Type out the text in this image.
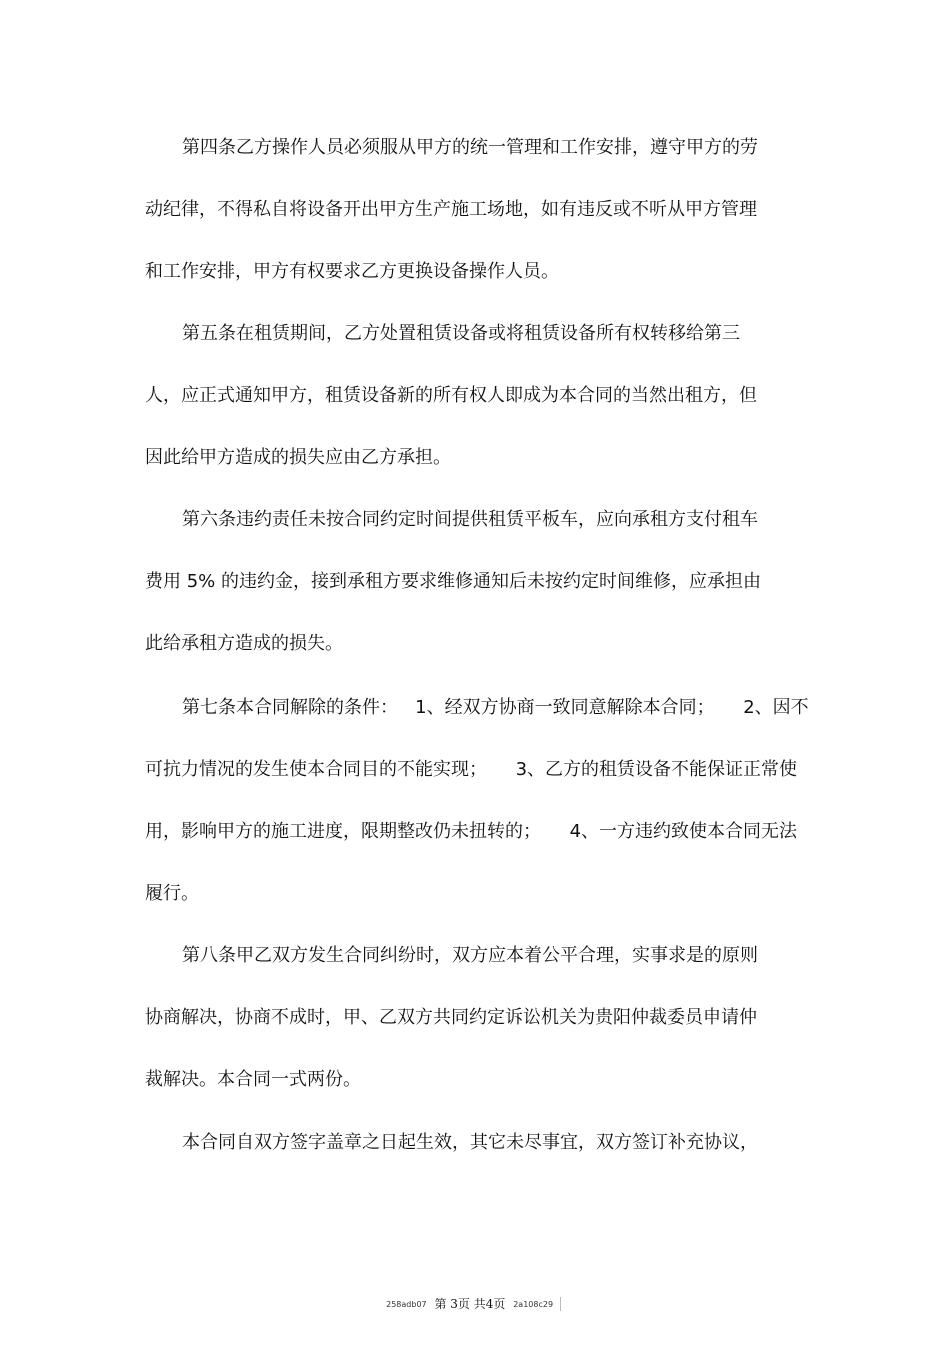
第四条乙方操作人员必须服从甲方的统一管理和工作安排，遵守甲方的劳
动纪律，不得私自将设备开出甲方生产施工场地，如有违反或不听从甲方管理
和工作安排，甲方有权要求乙方更换设备操作人员。
第五条在租赁期间，乙方处置租赁设备或将租赁设备所有权转移给第三
人，应正式通知甲方，租赁设备新的所有权人即成为本合同的当然出租方，但
因此给甲方造成的损失应由乙方承担。
第六条违约责任未按合同约定时间提供租赁平板车，应向承租方支付租车
费用 5% 的违约金，接到承租方要求维修通知后未按约定时间维修，应承担由
此给承租方造成的损失。
第七条本合同解除的条件：   1、经双方协商一致同意解除本合同；     2、因不
可抗力情况的发生使本合同目的不能实现；     3、乙方的租赁设备不能保证正常使
用，影响甲方的施工进度，限期整改仍未扭转的；     4、一方违约致使本合同无法
履行。
第八条甲乙双方发生合同纠纷时，双方应本着公平合理，实事求是的原则
协商解决，协商不成时，甲、乙双方共同约定诉讼机关为贵阳仲裁委员申请仲
裁解决。本合同一式两份。
本合同自双方签字盖章之日起生效，其它未尽事宜，双方签订补充协议，
258adb07 第 3页 共4页 2a108c29
